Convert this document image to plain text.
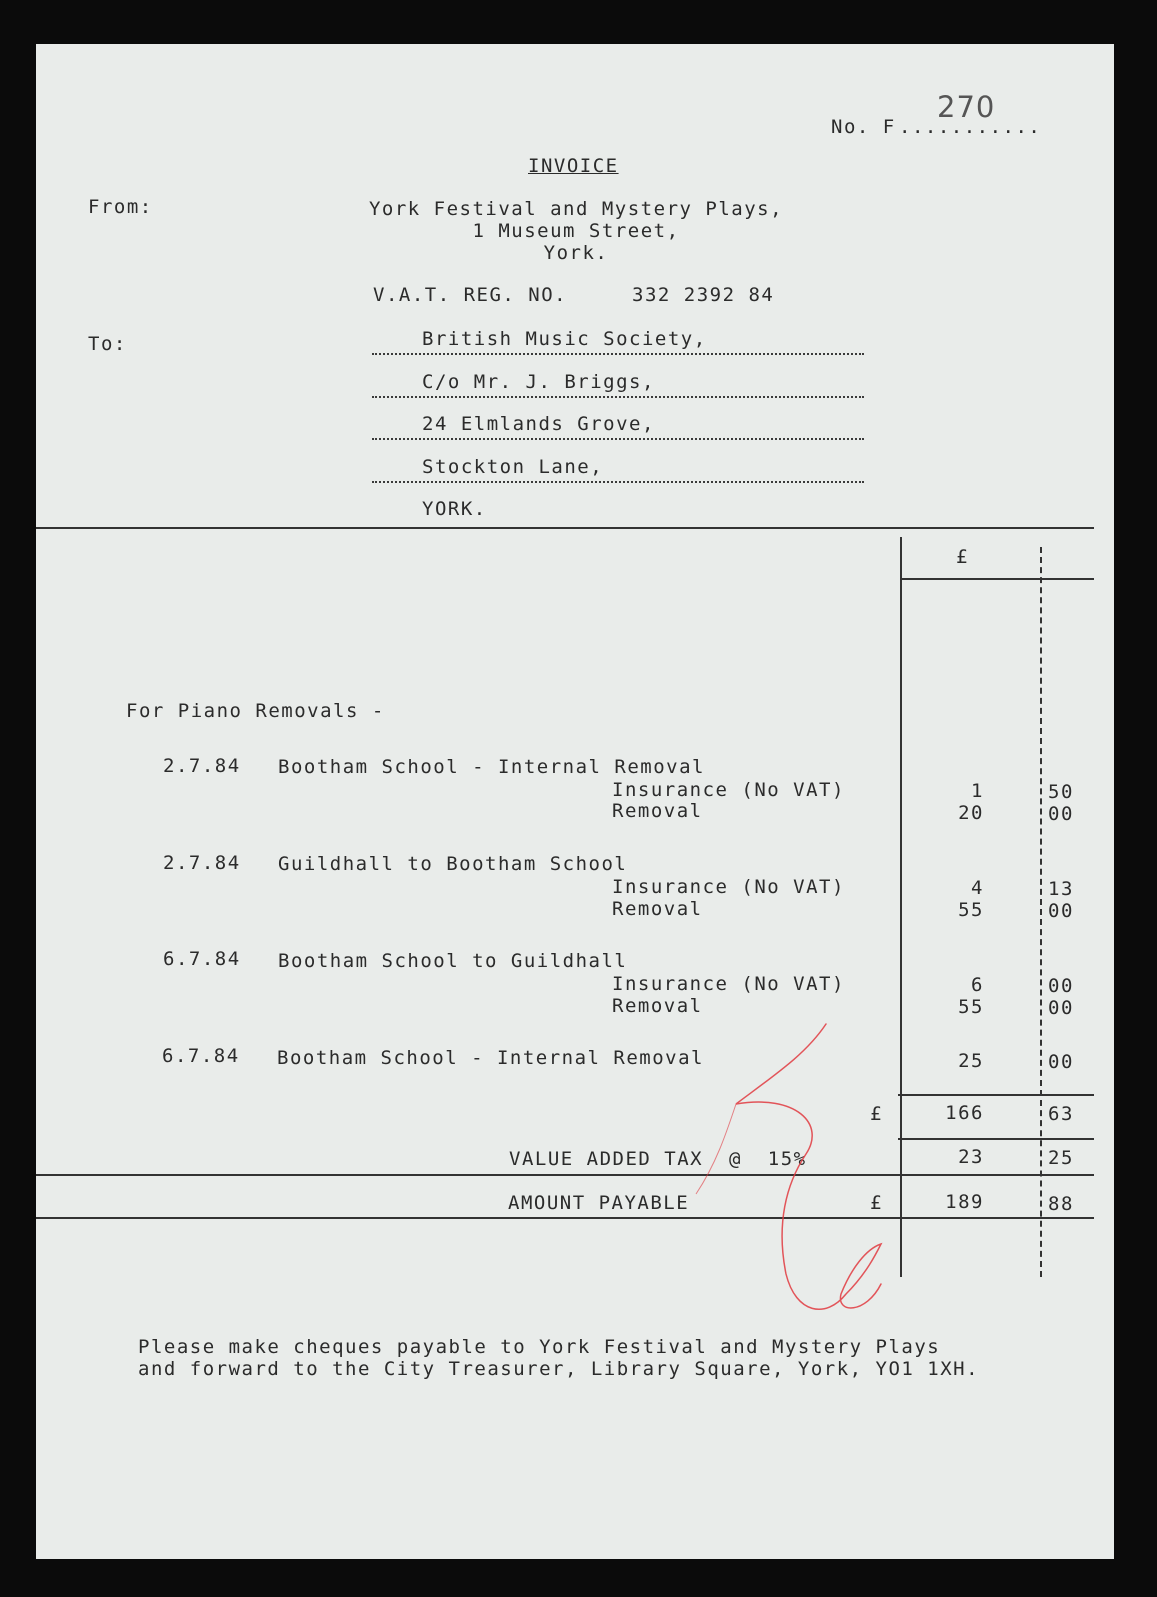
No. F
270
...........
INVOICE
From:	York Festival and Mystery Plays,
1 Museum Street,
York.
V.A.T. REG. NO.	332 2392 84
To:	British Music Society,
C/o Mr. J. Briggs,
24 Elmlands Grove,
Stockton Lane,
YORK.
£
For Piano Removals -
2.7.84 Bootham School - Internal Removal
Insurance (No VAT)	1	50
Removal	20	00
2.7.84 Guildhall to Bootham School
Insurance (No VAT)	4	13
Removal	55	00
6.7.84 Bootham School to Guildhall
Insurance (No VAT)	6	00
Removal	55	00
6.7.84 Bootham School - Internal Removal	25	00
£	166	63
VALUE ADDED TAX  @  15%	23	25
AMOUNT PAYABLE	£	189	88
Please make cheques payable to York Festival and Mystery Plays
and forward to the City Treasurer, Library Square, York, YO1 1XH.
